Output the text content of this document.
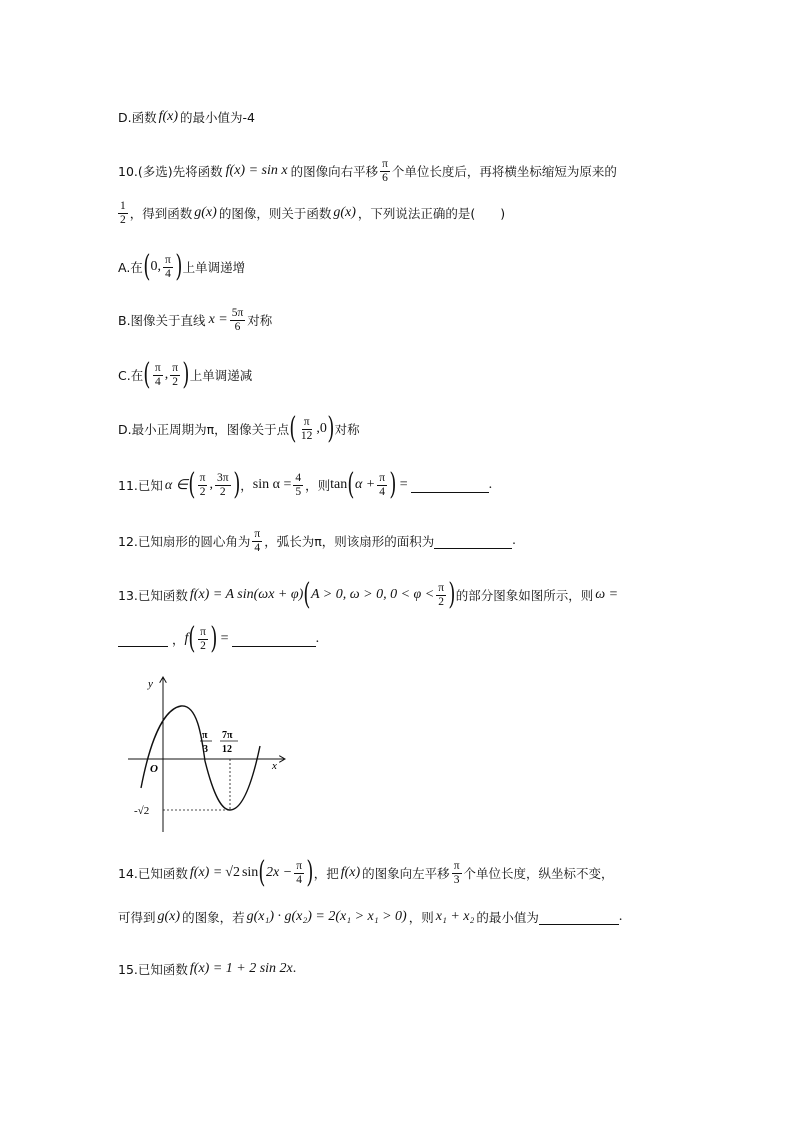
D.函数 f(x) 的最小值为-4
10.(多选)先将函数 f(x) = sin x 的图像向右平移 $\frac{\pi}{6}$ 个单位长度后，再将横坐标缩短为原来的
$\frac{1}{2}$ ，得到函数 g(x) 的图像，则关于函数 g(x) ，下列说法正确的是(　　)
A.在 ( 0, $\frac{\pi}{4}$ ) 上单调递增
B.图像关于直线 $x = \frac{5\pi}{6}$ 对称
C.在 ( $\frac{\pi}{4}$ , $\frac{\pi}{2}$ ) 上单调递减
D.最小正周期为π，图像关于点 ( $\frac{\pi}{12} ,0$ ) 对称
11.已知 α ∈ ( $\frac{\pi}{2}$ , $\frac{3\pi}{2}$ ) ， $\sin \alpha = \frac{4}{5}$ ，则 tan ( $\alpha + \frac{\pi}{4}$ ) =	.
12.已知扇形的圆心角为 $\frac{\pi}{4}$ ，弧长为π，则该扇形的面积为	.
13.已知函数 f(x) = A sin(ωx + φ) ( A > 0, ω > 0, $0 < \varphi < \frac{\pi}{2}$ ) 的部分图象如图所示，则 ω =
， f ( $\frac{\pi}{2}$ ) =	.
y
x
O
π
3
7π
12
-√2
14.已知函数 f(x) = √2 sin ( $2x - \frac{\pi}{4}$ ) ，把 f(x) 的图象向左平移 $\frac{\pi}{3}$ 个单位长度，纵坐标不变，
可得到 g(x) 的图象，若 g(x₁) · g(x₂) = 2(x₁ > x₁ > 0) ，则 x₁ + x₂ 的最小值为	.
15.已知函数 f(x) = 1 + 2 sin 2x .
